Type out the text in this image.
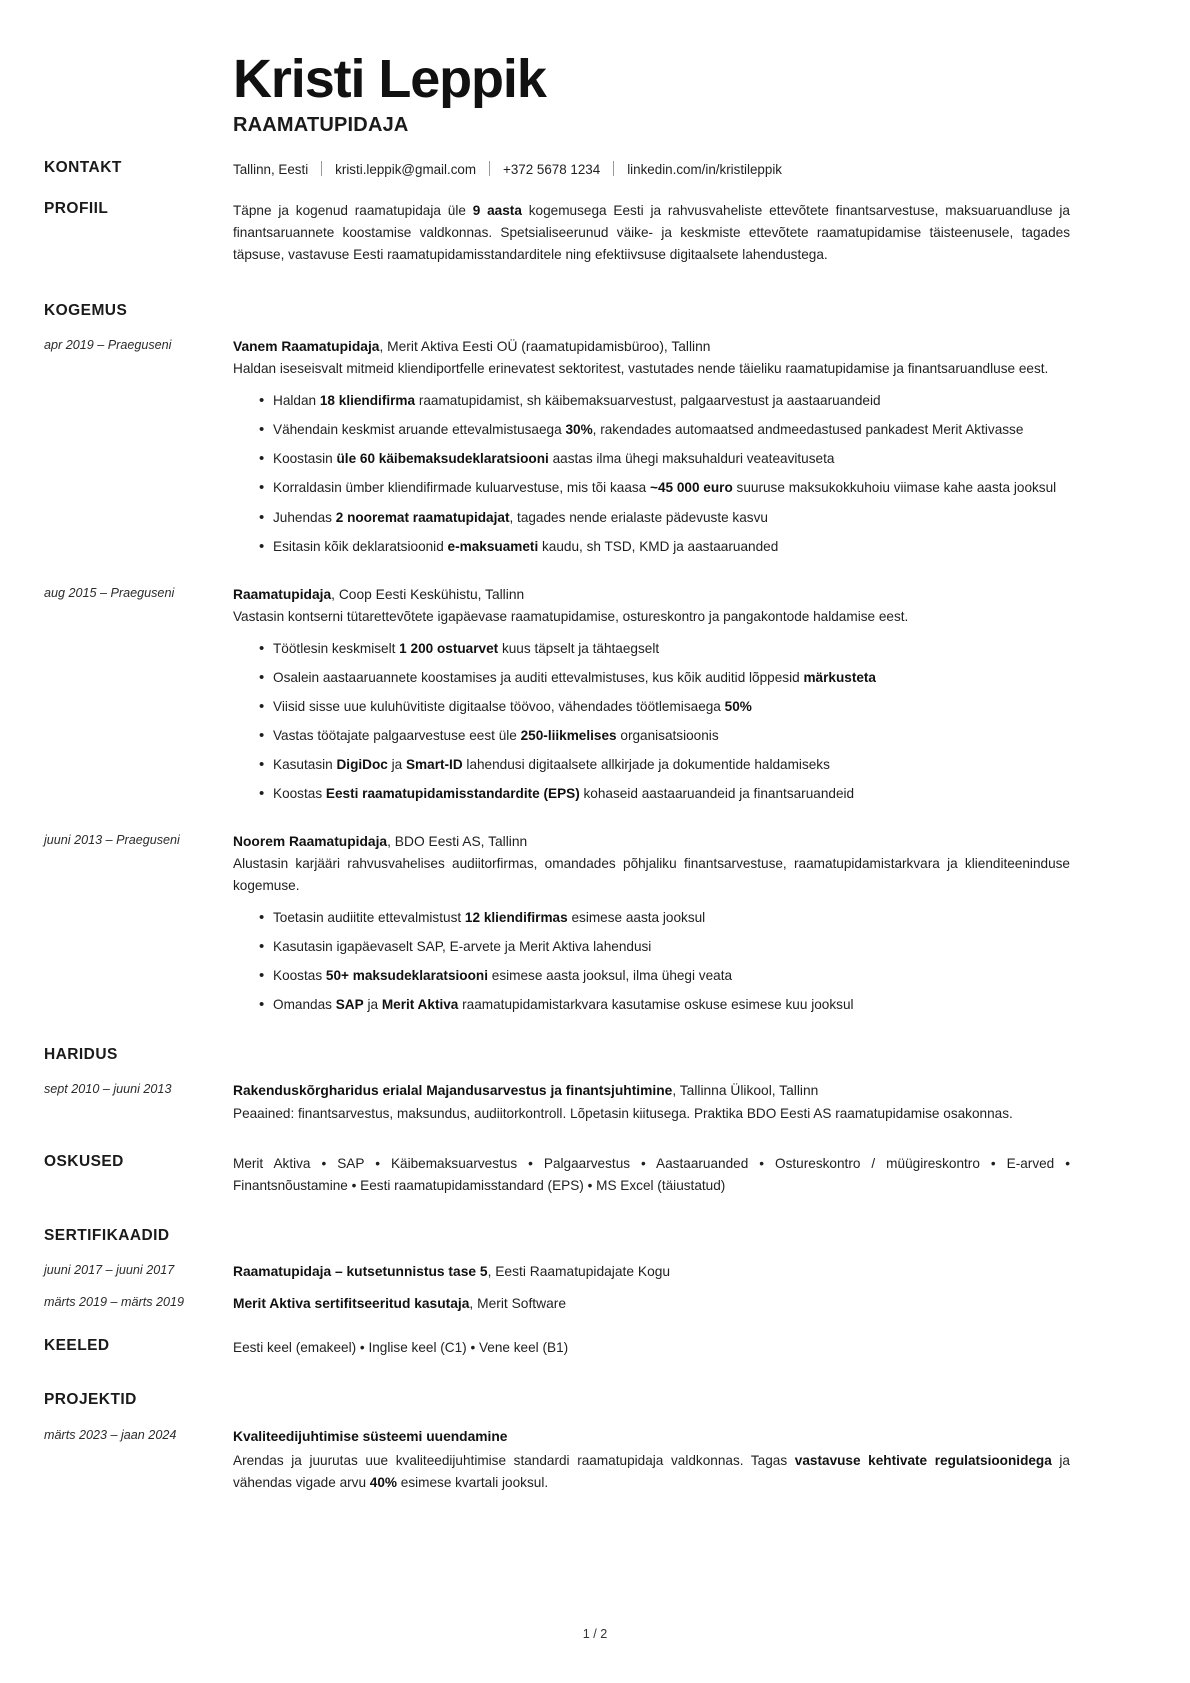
Kristi Leppik
RAAMATUPIDAJA
KONTAKT	Tallinn, Eesti kristi.leppik@gmail.com +372 5678 1234 linkedin.com/in/kristileppik
PROFIIL	Täpne ja kogenud raamatupidaja üle 9 aasta kogemusega Eesti ja rahvusvaheliste ettevõtete finantsarvestuse, maksuaruandluse ja finantsaruannete koostamise valdkonnas. Spetsialiseerunud väike- ja keskmiste ettevõtete raamatupidamise täisteenusele, tagades täpsuse, vastavuse Eesti raamatupidamisstandarditele ning efektiivsuse digitaalsete lahendustega.
KOGEMUS
apr 2019 – Praeguseni	Vanem Raamatupidaja, Merit Aktiva Eesti OÜ (raamatupidamisbüroo), Tallinn
Haldan iseseisvalt mitmeid kliendiportfelle erinevatest sektoritest, vastutades nende täieliku raamatupidamise ja finantsaruandluse eest.
• Haldan 18 kliendifirma raamatupidamist, sh käibemaksuarvestust, palgaarvestust ja aastaaruandeid
• Vähendain keskmist aruande ettevalmistusaega 30%, rakendades automaatsed andmeedastused pankadest Merit Aktivasse
• Koostasin üle 60 käibemaksudeklaratsiooni aastas ilma ühegi maksuhalduri veateavituseta
• Korraldasin ümber kliendifirmade kuluarvestuse, mis tõi kaasa ~45 000 euro suuruse maksukokkuhoiu viimase kahe aasta jooksul
• Juhendas 2 nooremat raamatupidajat, tagades nende erialaste pädevuste kasvu
• Esitasin kõik deklaratsioonid e-maksuameti kaudu, sh TSD, KMD ja aastaaruanded
aug 2015 – Praeguseni	Raamatupidaja, Coop Eesti Keskühistu, Tallinn
Vastasin kontserni tütarettevõtete igapäevase raamatupidamise, ostureskontro ja pangakontode haldamise eest.
• Töötlesin keskmiselt 1 200 ostuarvet kuus täpselt ja tähtaegselt
• Osalein aastaaruannete koostamises ja auditi ettevalmistuses, kus kõik auditid lõppesid märkusteta
• Viisid sisse uue kuluhüvitiste digitaalse töövoo, vähendades töötlemisaega 50%
• Vastas töötajate palgaarvestuse eest üle 250-liikmelises organisatsioonis
• Kasutasin DigiDoc ja Smart-ID lahendusi digitaalsete allkirjade ja dokumentide haldamiseks
• Koostas Eesti raamatupidamisstandardite (EPS) kohaseid aastaaruandeid ja finantsaruandeid
juuni 2013 – Praeguseni	Noorem Raamatupidaja, BDO Eesti AS, Tallinn
Alustasin karjääri rahvusvahelises audiitorfirmas, omandades põhjaliku finantsarvestuse, raamatupidamistarkvara ja klienditeeninduse kogemuse.
• Toetasin audiitite ettevalmistust 12 kliendifirmas esimese aasta jooksul
• Kasutasin igapäevaselt SAP, E-arvete ja Merit Aktiva lahendusi
• Koostas 50+ maksudeklaratsiooni esimese aasta jooksul, ilma ühegi veata
• Omandas SAP ja Merit Aktiva raamatupidamistarkvara kasutamise oskuse esimese kuu jooksul
HARIDUS
sept 2010 – juuni 2013	Rakenduskõrgharidus erialal Majandusarvestus ja finantsjuhtimine, Tallinna Ülikool, Tallinn
Peaained: finantsarvestus, maksundus, audiitorkontroll. Lõpetasin kiitusega. Praktika BDO Eesti AS raamatupidamise osakonnas.
OSKUSED	Merit Aktiva • SAP • Käibemaksuarvestus • Palgaarvestus • Aastaaruanded • Ostureskontro / müügireskontro • E-arved • Finantsnõustamine • Eesti raamatupidamisstandard (EPS) • MS Excel (täiustatud)
SERTIFIKAADID
juuni 2017 – juuni 2017	Raamatupidaja – kutsetunnistus tase 5, Eesti Raamatupidajate Kogu
märts 2019 – märts 2019	Merit Aktiva sertifitseeritud kasutaja, Merit Software
KEELED	Eesti keel (emakeel) • Inglise keel (C1) • Vene keel (B1)
PROJEKTID
märts 2023 – jaan 2024	Kvaliteedijuhtimise süsteemi uuendamine
Arendas ja juurutas uue kvaliteedijuhtimise standardi raamatupidaja valdkonnas. Tagas vastavuse kehtivate regulatsioonidega ja vähendas vigade arvu 40% esimese kvartali jooksul.
1 / 2
